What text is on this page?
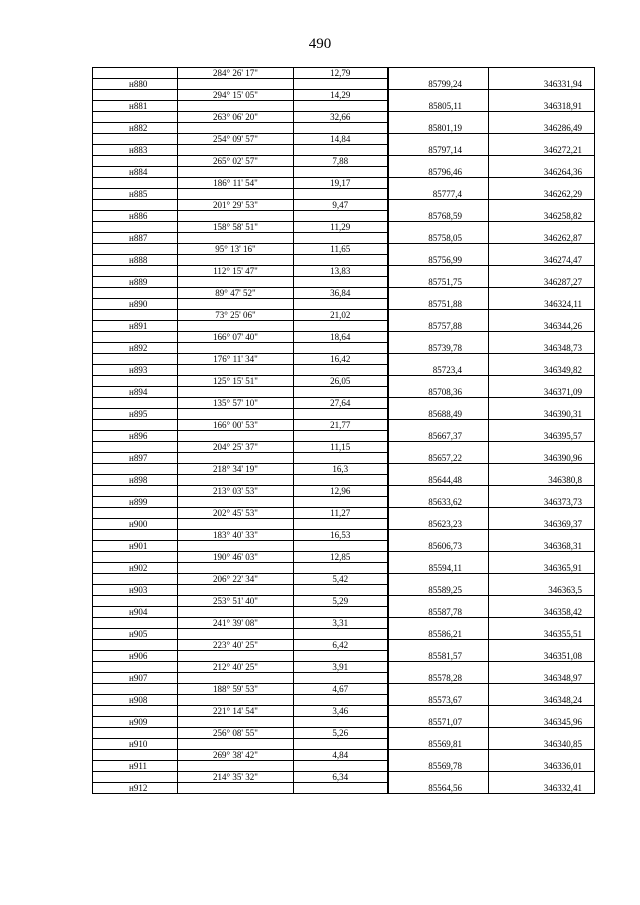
490
	284° 26' 17"	12,79		
н880			85799,24	346331,94
	294° 15' 05"	14,29		
н881			85805,11	346318,91
	263° 06' 20"	32,66		
н882			85801,19	346286,49
	254° 09' 57"	14,84		
н883			85797,14	346272,21
	265° 02' 57"	7,88		
н884			85796,46	346264,36
	186° 11' 54"	19,17		
н885			85777,4	346262,29
	201° 29' 53"	9,47		
н886			85768,59	346258,82
	158° 58' 51"	11,29		
н887			85758,05	346262,87
	95° 13' 16"	11,65		
н888			85756,99	346274,47
	112° 15' 47"	13,83		
н889			85751,75	346287,27
	89° 47' 52"	36,84		
н890			85751,88	346324,11
	73° 25' 06"	21,02		
н891			85757,88	346344,26
	166° 07' 40"	18,64		
н892			85739,78	346348,73
	176° 11' 34"	16,42		
н893			85723,4	346349,82
	125° 15' 51"	26,05		
н894			85708,36	346371,09
	135° 57' 10"	27,64		
н895			85688,49	346390,31
	166° 00' 53"	21,77		
н896			85667,37	346395,57
	204° 25' 37"	11,15		
н897			85657,22	346390,96
	218° 34' 19"	16,3		
н898			85644,48	346380,8
	213° 03' 53"	12,96		
н899			85633,62	346373,73
	202° 45' 53"	11,27		
н900			85623,23	346369,37
	183° 40' 33"	16,53		
н901			85606,73	346368,31
	190° 46' 03"	12,85		
н902			85594,11	346365,91
	206° 22' 34"	5,42		
н903			85589,25	346363,5
	253° 51' 40"	5,29		
н904			85587,78	346358,42
	241° 39' 08"	3,31		
н905			85586,21	346355,51
	223° 40' 25"	6,42		
н906			85581,57	346351,08
	212° 40' 25"	3,91		
н907			85578,28	346348,97
	188° 59' 53"	4,67		
н908			85573,67	346348,24
	221° 14' 54"	3,46		
н909			85571,07	346345,96
	256° 08' 55"	5,26		
н910			85569,81	346340,85
	269° 38' 42"	4,84		
н911			85569,78	346336,01
	214° 35' 32"	6,34		
н912			85564,56	346332,41
